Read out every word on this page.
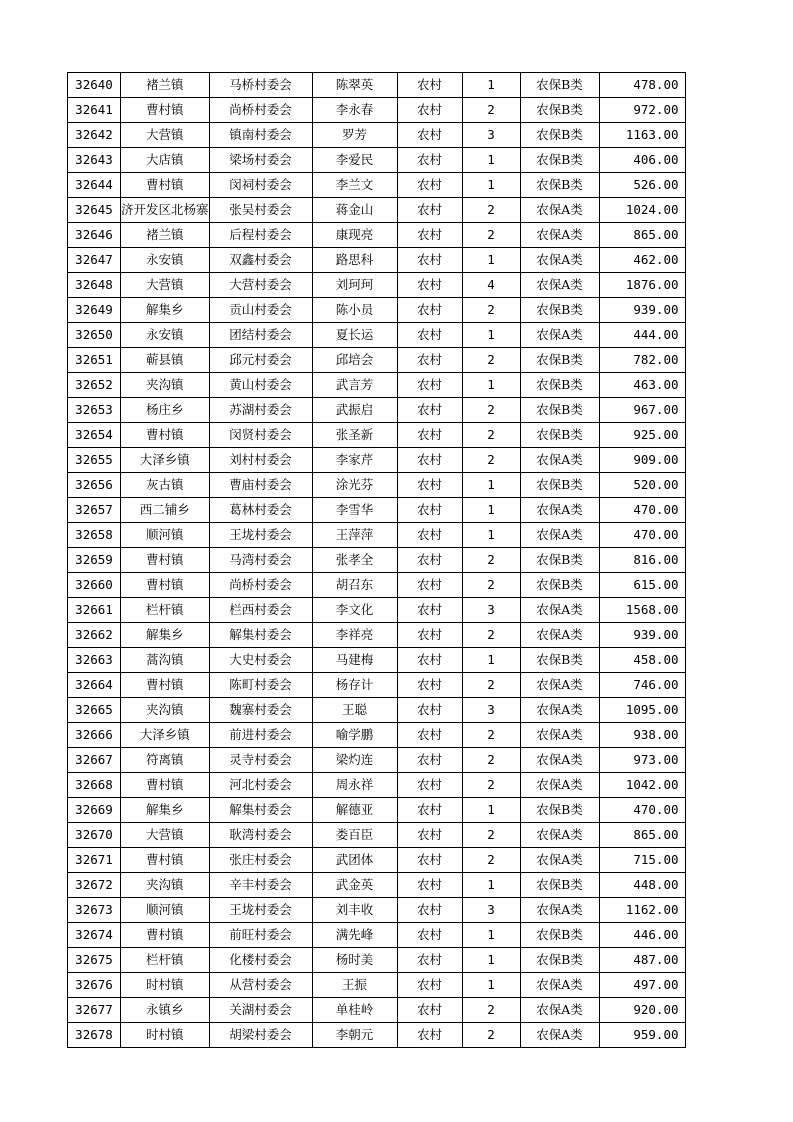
32640	褚兰镇	马桥村委会	陈翠英	农村	1	农保B类	478.00
32641	曹村镇	尚桥村委会	李永春	农村	2	农保B类	972.00
32642	大营镇	镇南村委会	罗芳	农村	3	农保B类	1163.00
32643	大店镇	梁场村委会	李爱民	农村	1	农保B类	406.00
32644	曹村镇	闵祠村委会	李兰文	农村	1	农保B类	526.00
32645	济开发区北杨寨	张吴村委会	蒋金山	农村	2	农保A类	1024.00
32646	褚兰镇	后程村委会	康现亮	农村	2	农保A类	865.00
32647	永安镇	双鑫村委会	路思科	农村	1	农保A类	462.00
32648	大营镇	大营村委会	刘珂珂	农村	4	农保A类	1876.00
32649	解集乡	贡山村委会	陈小员	农村	2	农保B类	939.00
32650	永安镇	团结村委会	夏长运	农村	1	农保A类	444.00
32651	蕲县镇	邱元村委会	邱培会	农村	2	农保B类	782.00
32652	夹沟镇	黄山村委会	武言芳	农村	1	农保B类	463.00
32653	杨庄乡	苏湖村委会	武振启	农村	2	农保B类	967.00
32654	曹村镇	闵贤村委会	张圣新	农村	2	农保B类	925.00
32655	大泽乡镇	刘村村委会	李家芹	农村	2	农保A类	909.00
32656	灰古镇	曹庙村委会	涂光芬	农村	1	农保B类	520.00
32657	西二铺乡	葛林村委会	李雪华	农村	1	农保A类	470.00
32658	顺河镇	王垅村委会	王萍萍	农村	1	农保A类	470.00
32659	曹村镇	马湾村委会	张孝全	农村	2	农保B类	816.00
32660	曹村镇	尚桥村委会	胡召东	农村	2	农保B类	615.00
32661	栏杆镇	栏西村委会	李文化	农村	3	农保A类	1568.00
32662	解集乡	解集村委会	李祥亮	农村	2	农保A类	939.00
32663	蒿沟镇	大史村委会	马建梅	农村	1	农保B类	458.00
32664	曹村镇	陈町村委会	杨存计	农村	2	农保A类	746.00
32665	夹沟镇	魏寨村委会	王聪	农村	3	农保A类	1095.00
32666	大泽乡镇	前进村委会	喻学鹏	农村	2	农保A类	938.00
32667	符离镇	灵寺村委会	梁灼连	农村	2	农保A类	973.00
32668	曹村镇	河北村委会	周永祥	农村	2	农保A类	1042.00
32669	解集乡	解集村委会	解德亚	农村	1	农保B类	470.00
32670	大营镇	耿湾村委会	娄百臣	农村	2	农保A类	865.00
32671	曹村镇	张庄村委会	武团体	农村	2	农保A类	715.00
32672	夹沟镇	辛丰村委会	武金英	农村	1	农保B类	448.00
32673	顺河镇	王垅村委会	刘丰收	农村	3	农保A类	1162.00
32674	曹村镇	前旺村委会	满先峰	农村	1	农保B类	446.00
32675	栏杆镇	化楼村委会	杨时美	农村	1	农保B类	487.00
32676	时村镇	从营村委会	王振	农村	1	农保A类	497.00
32677	永镇乡	关湖村委会	单桂岭	农村	2	农保A类	920.00
32678	时村镇	胡梁村委会	李朝元	农村	2	农保A类	959.00
